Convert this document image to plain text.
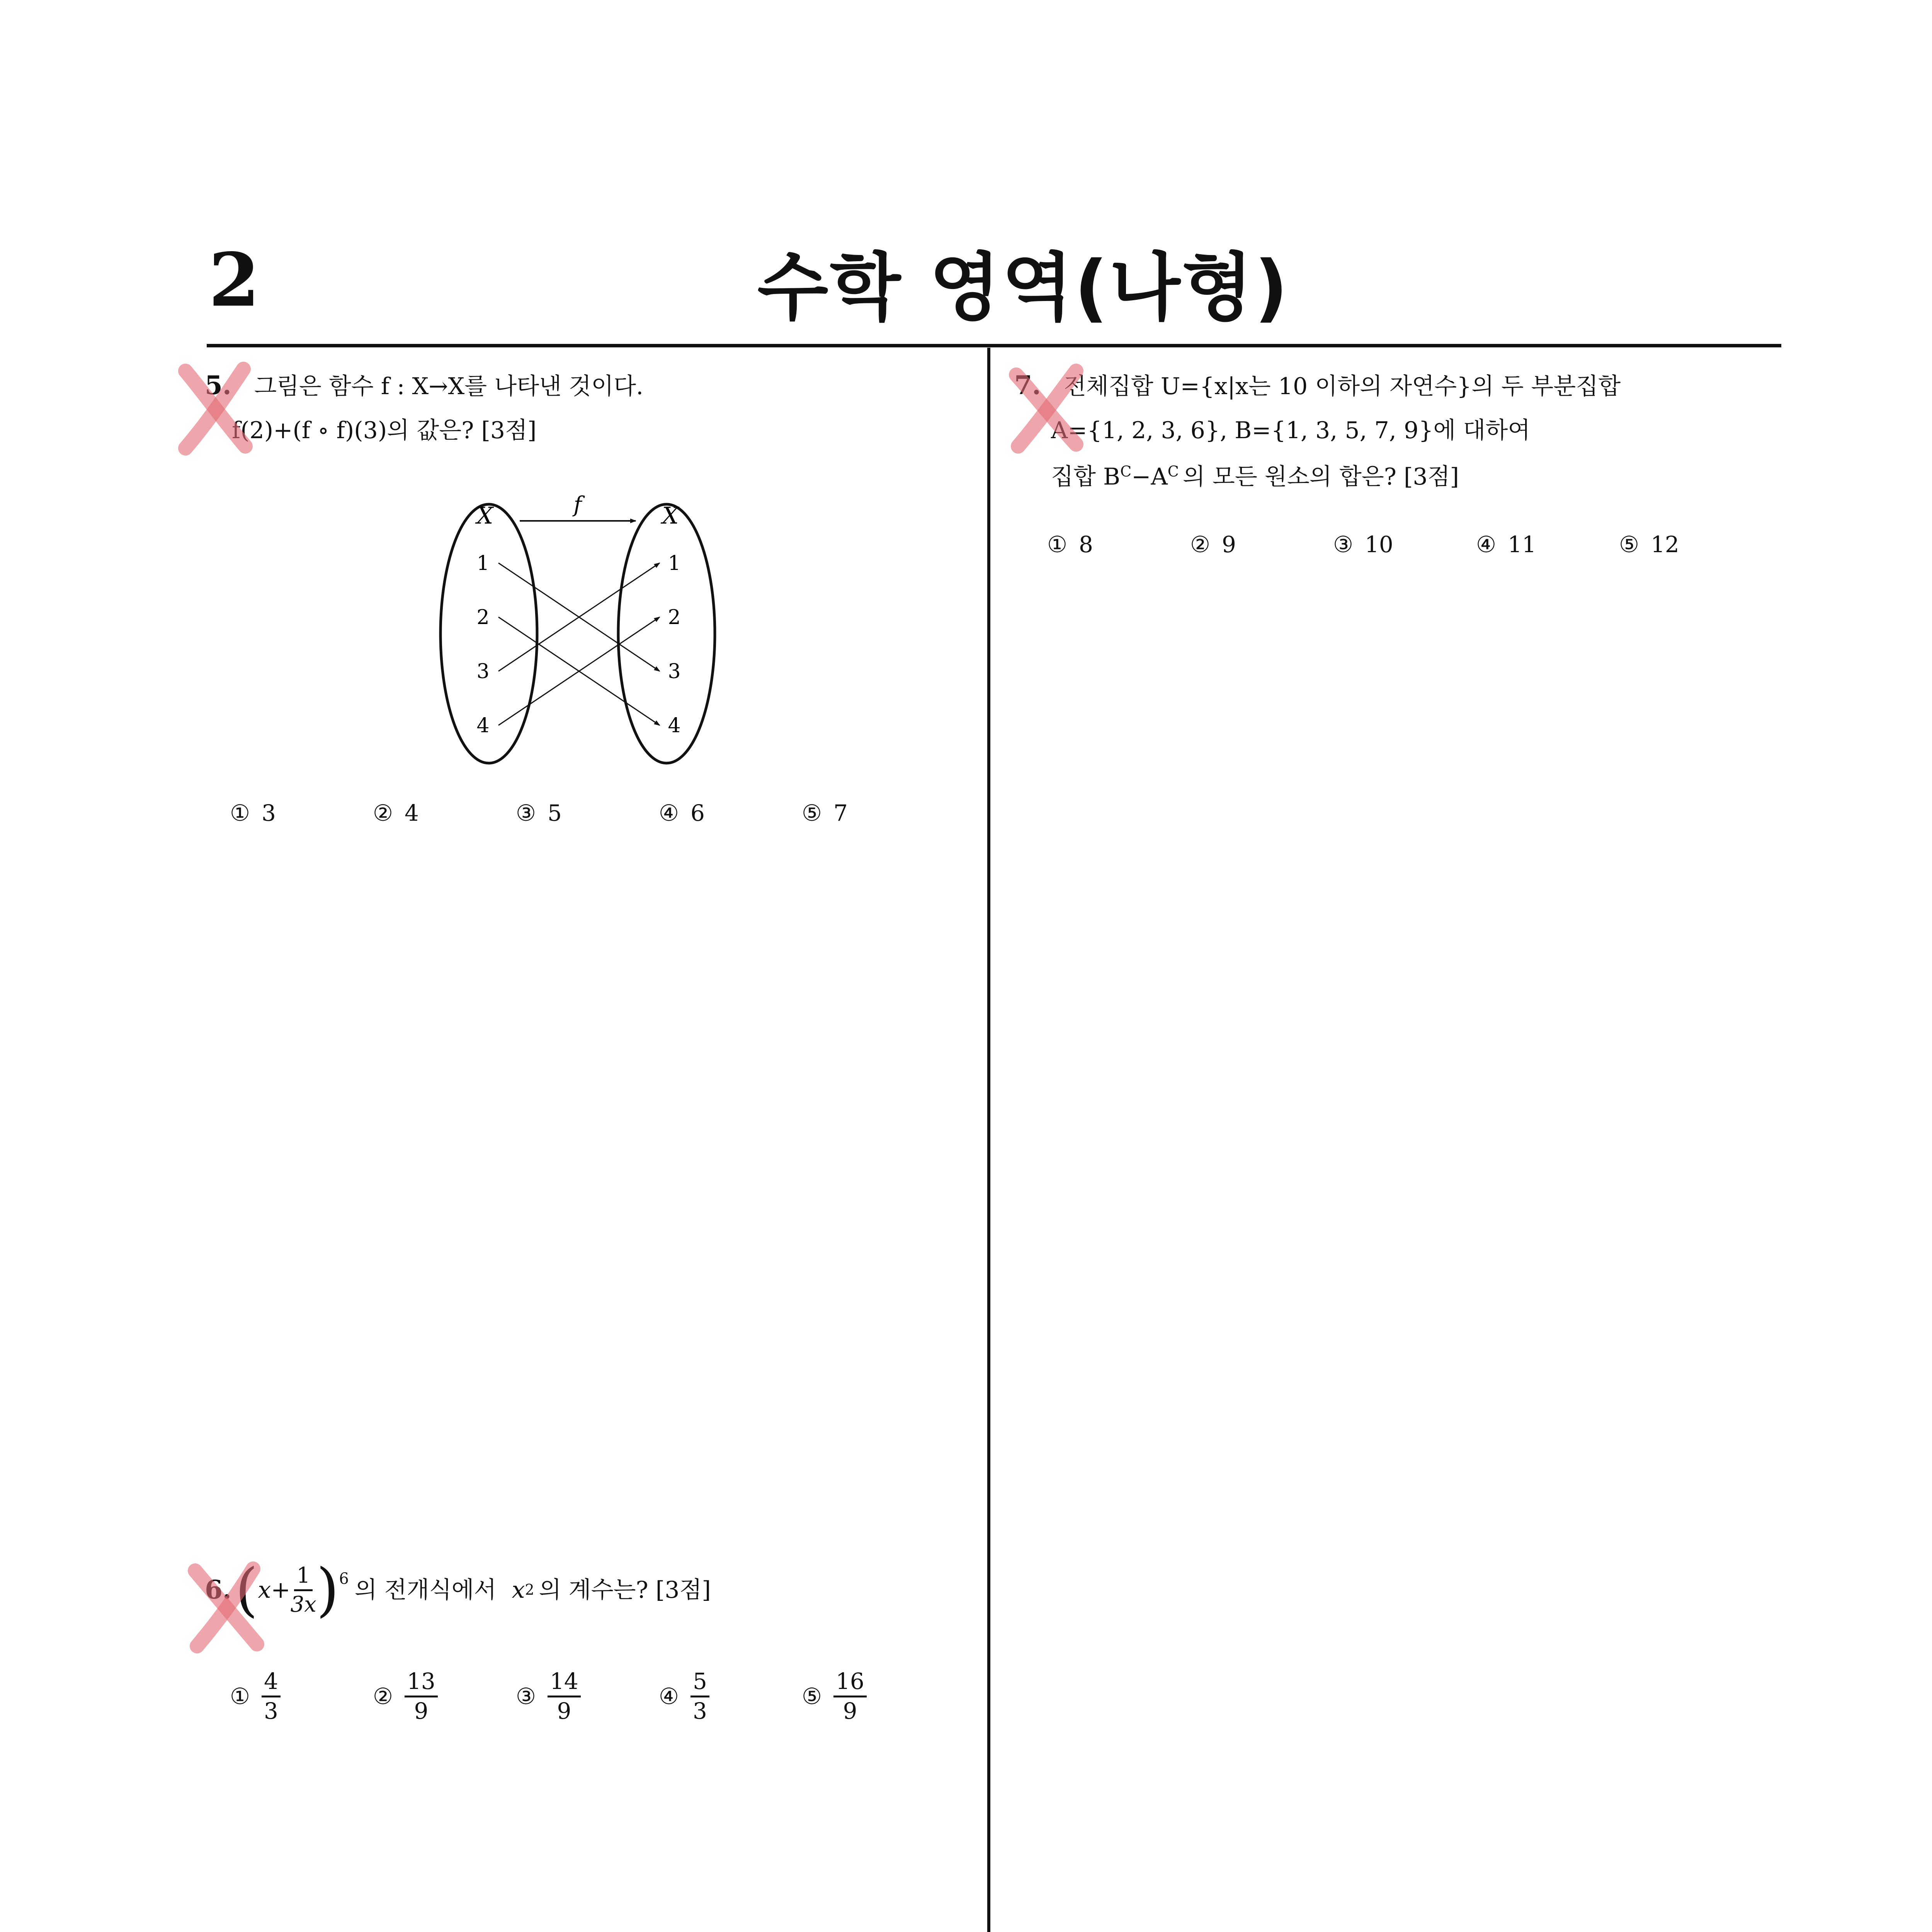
2	수학 영역(나형)
5. 그림은 함수 f : X→X를 나타낸 것이다.
f(2)+(f ∘ f)(3)의 값은? [3점]
X	X
f
1
2
3
4
1
2
3
4
① 3	② 4	③ 5	④ 6	⑤ 7
6. ( $x+ \frac{1}{3x}$ ) 6 의 전개식에서 x 2 의 계수는? [3점]
① $\frac{4}{3}$	② $\frac{13}{9}$	③ $\frac{14}{9}$	④ $\frac{5}{3}$	⑤ $\frac{16}{9}$
7. 전체집합 U={x|x는 10 이하의 자연수}의 두 부분집합
A={1, 2, 3, 6}, B={1, 3, 5, 7, 9}에 대하여
집합 $B^C-A^C$ 의 모든 원소의 합은? [3점]
① 8	② 9	③ 10	④ 11	⑤ 12
